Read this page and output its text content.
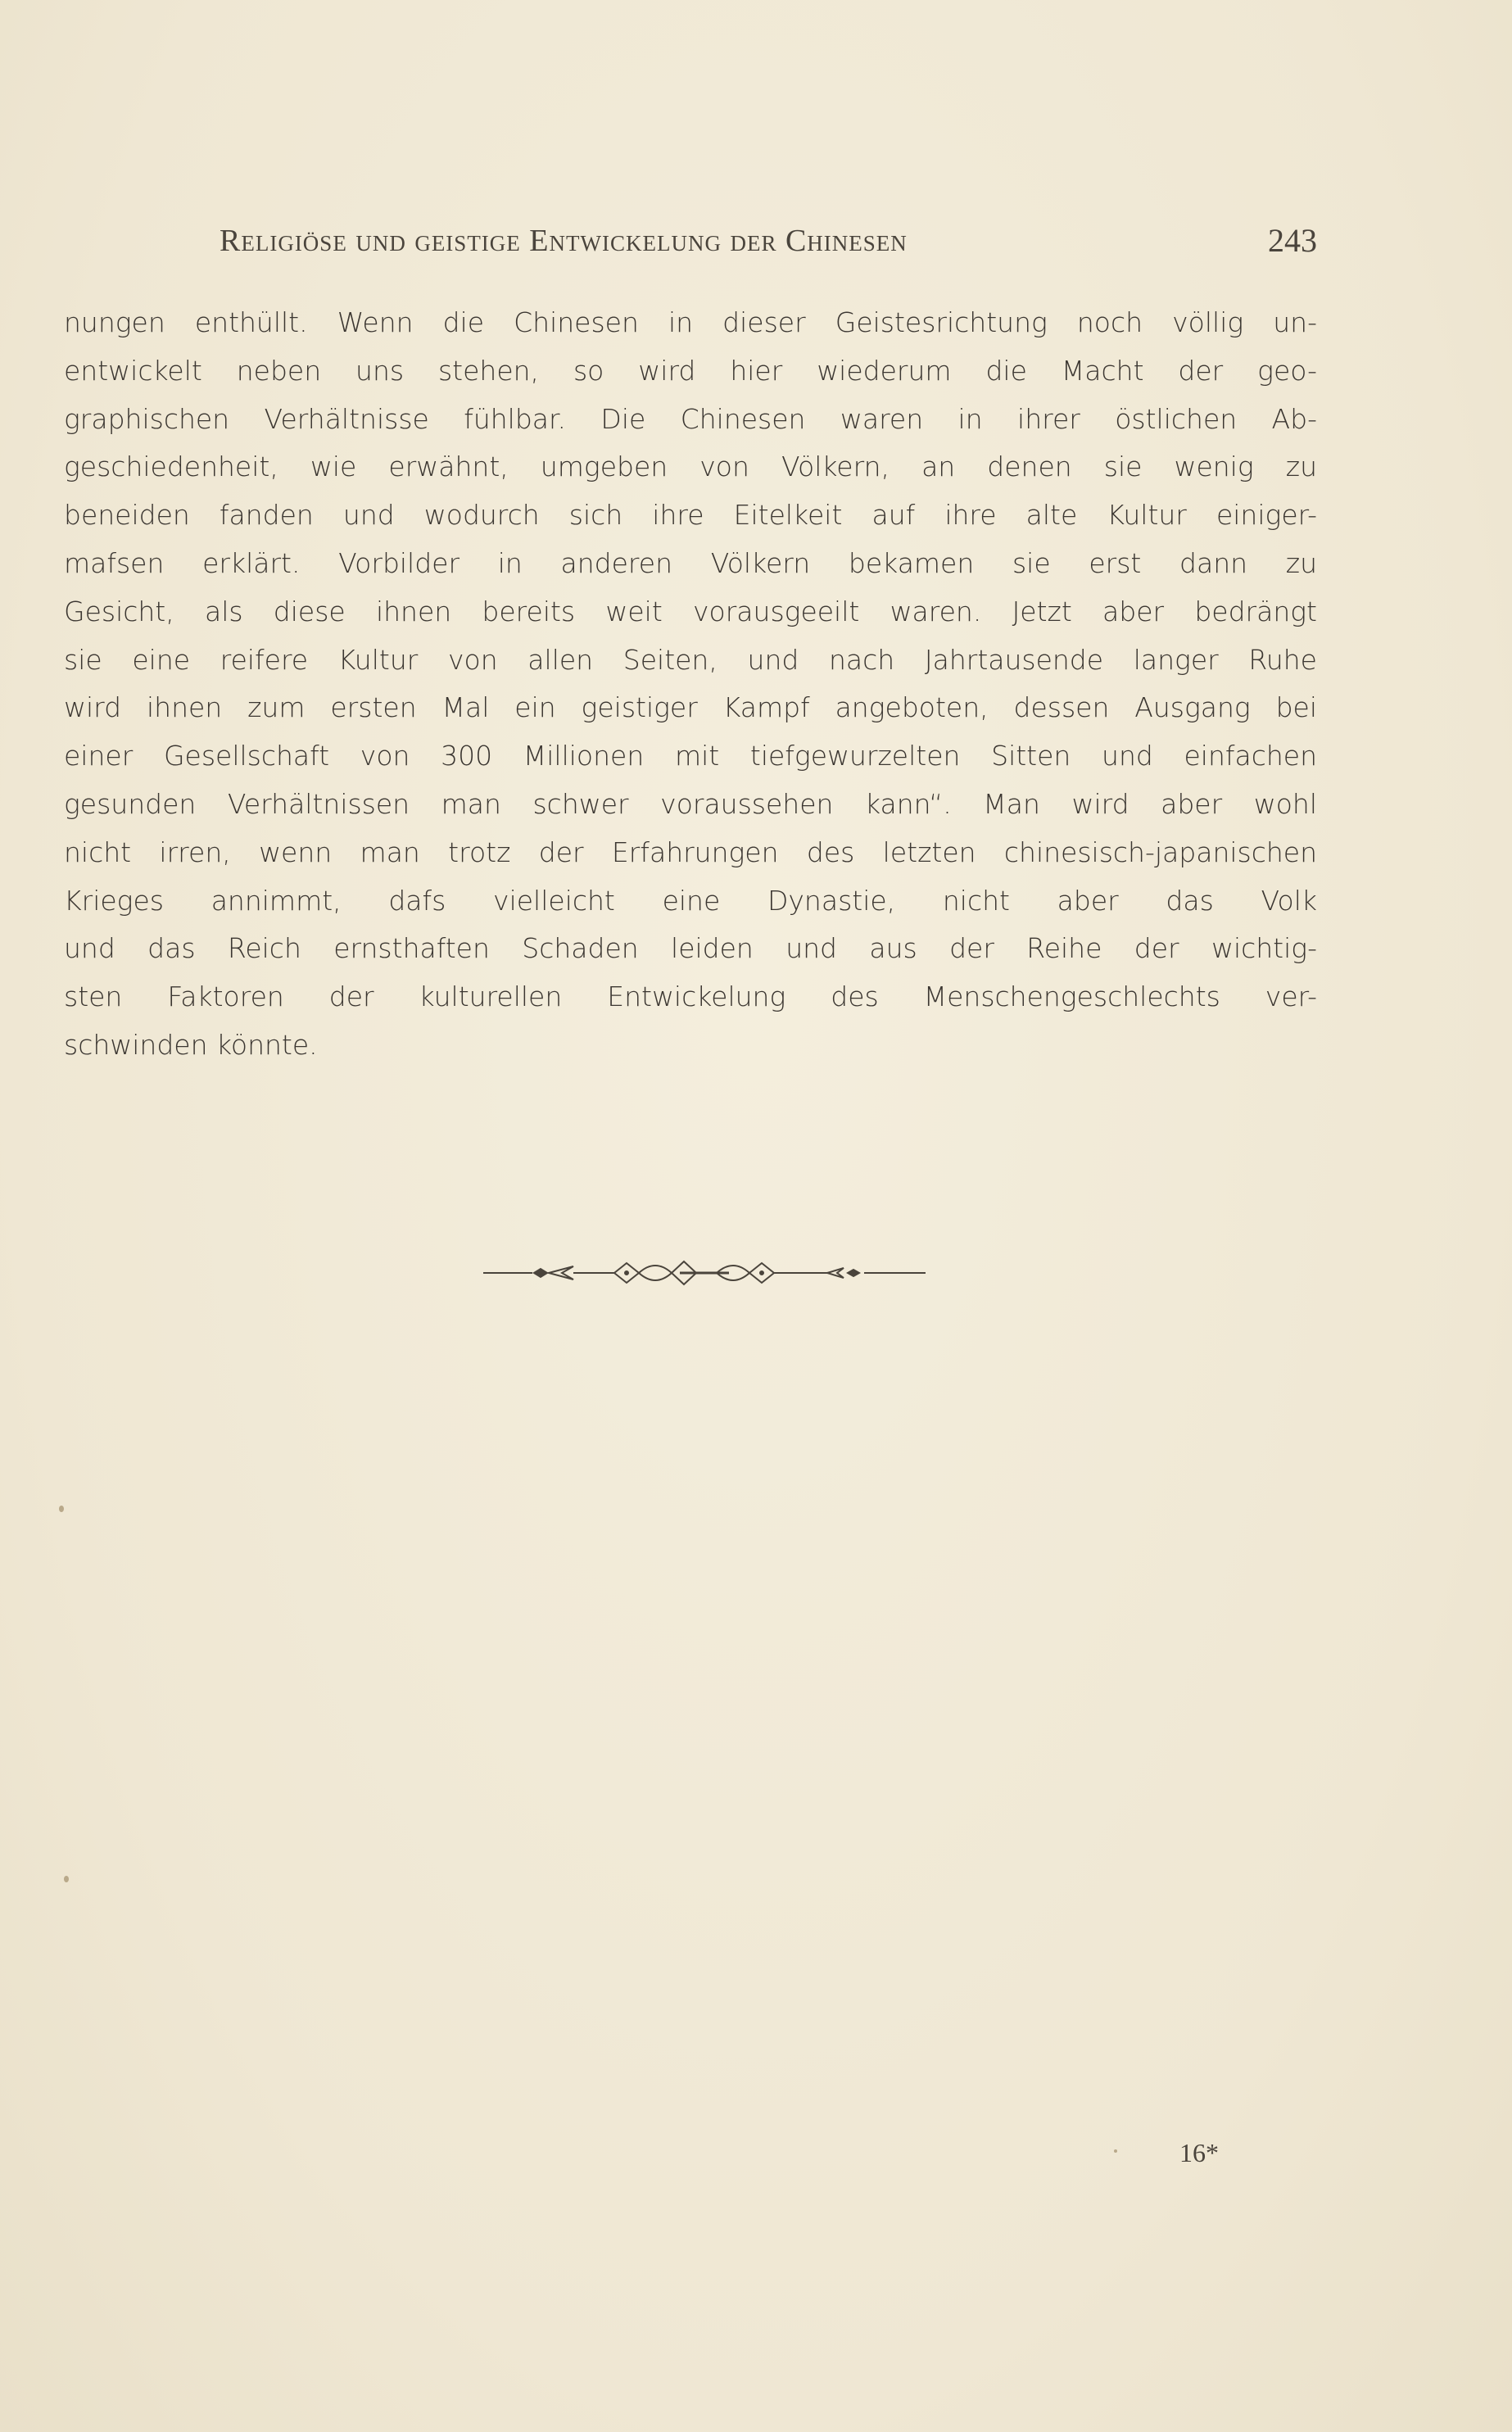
Religiöse und geistige Entwickelung der Chinesen	243
nungen enthüllt. Wenn die Chinesen in dieser Geistesrichtung noch völlig un-
entwickelt neben uns stehen, so wird hier wiederum die Macht der geo-
graphischen Verhältnisse fühlbar. Die Chinesen waren in ihrer östlichen Ab-
geschiedenheit, wie erwähnt, umgeben von Völkern, an denen sie wenig zu
beneiden fanden und wodurch sich ihre Eitelkeit auf ihre alte Kultur einiger-
mafsen erklärt. Vorbilder in anderen Völkern bekamen sie erst dann zu
Gesicht, als diese ihnen bereits weit vorausgeeilt waren. Jetzt aber bedrängt
sie eine reifere Kultur von allen Seiten, und nach Jahrtausende langer Ruhe
wird ihnen zum ersten Mal ein geistiger Kampf angeboten, dessen Ausgang bei
einer Gesellschaft von 300 Millionen mit tiefgewurzelten Sitten und einfachen
gesunden Verhältnissen man schwer voraussehen kann“. Man wird aber wohl
nicht irren, wenn man trotz der Erfahrungen des letzten chinesisch-japanischen
Krieges annimmt, dafs vielleicht eine Dynastie, nicht aber das Volk
und das Reich ernsthaften Schaden leiden und aus der Reihe der wichtig-
sten Faktoren der kulturellen Entwickelung des Menschengeschlechts ver-
schwinden könnte.
16*
